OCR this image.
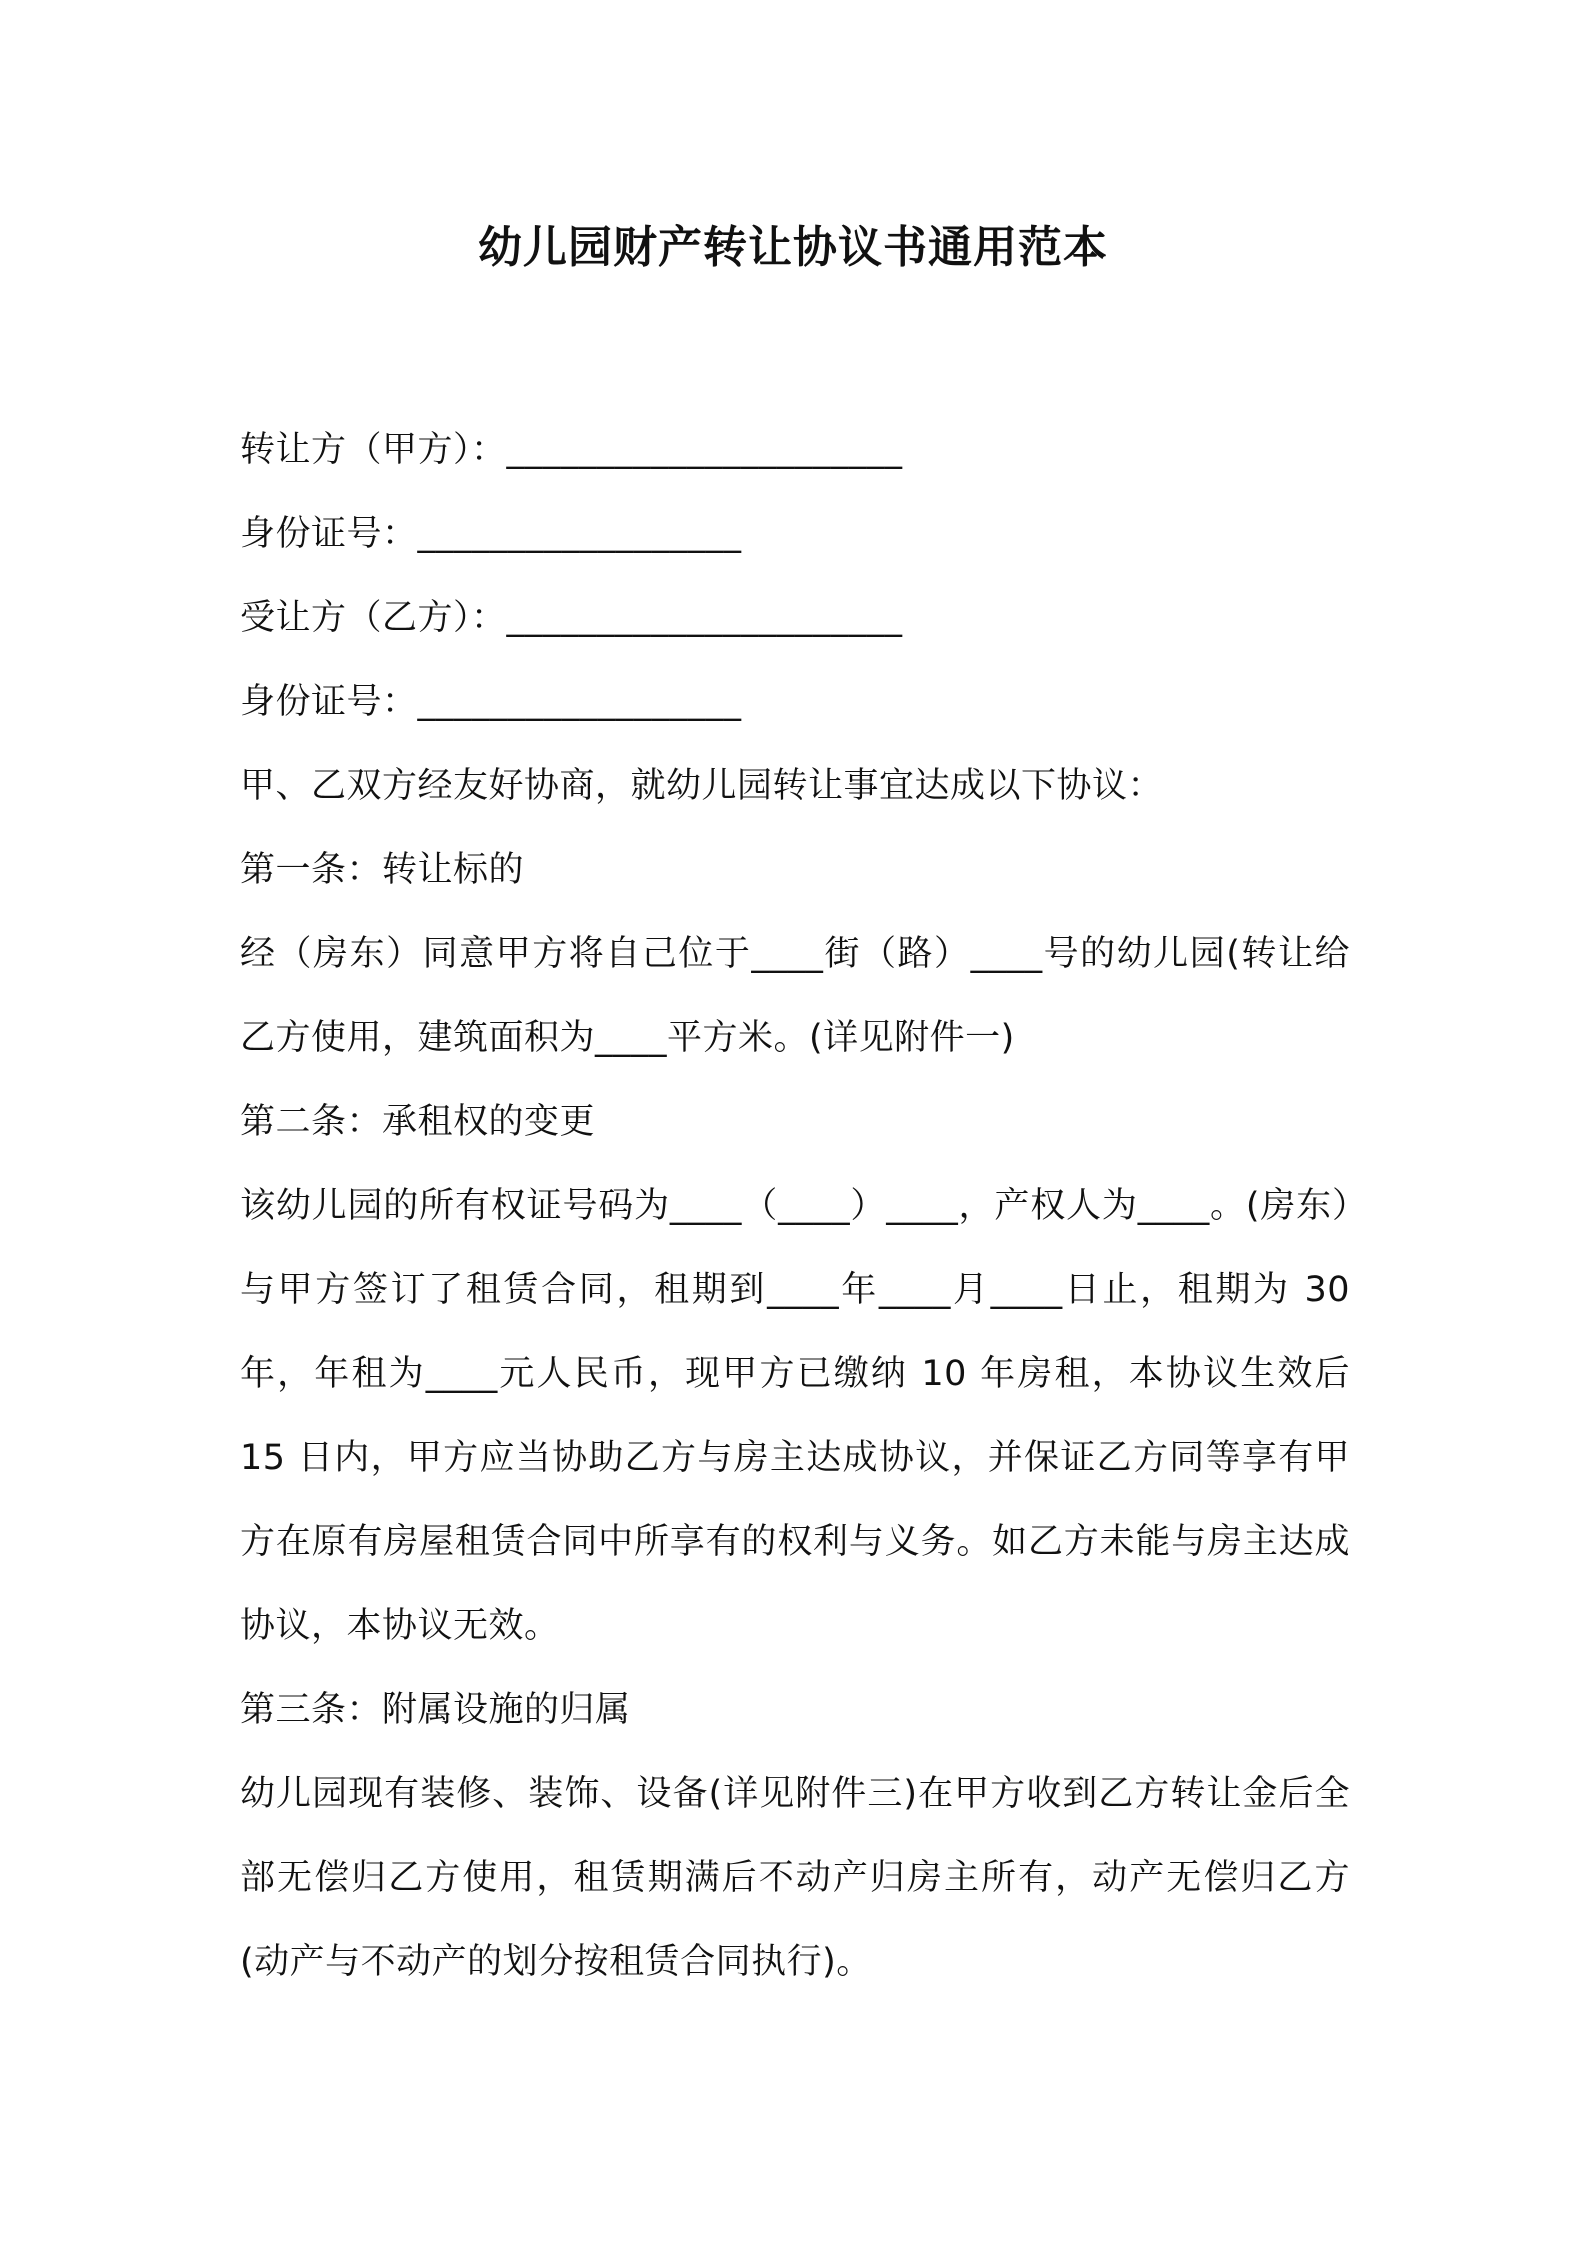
幼儿园财产转让协议书通用范本
转让方（甲方）：______________________
身份证号：__________________
受让方（乙方）：______________________
身份证号：__________________
甲、乙双方经友好协商，就幼儿园转让事宜达成以下协议：
第一条：转让标的
经（房东）同意甲方将自己位于____街（路）____号的幼儿园(转让给乙方使用，建筑面积为____平方米。(详见附件一)
第二条：承租权的变更
该幼儿园的所有权证号码为____（____）____，产权人为____。(房东）与甲方签订了租赁合同，租期到____年____月____日止，租期为 30 年，年租为____元人民币，现甲方已缴纳 10 年房租，本协议生效后 15 日内，甲方应当协助乙方与房主达成协议，并保证乙方同等享有甲方在原有房屋租赁合同中所享有的权利与义务。如乙方未能与房主达成协议，本协议无效。
第三条：附属设施的归属
幼儿园现有装修、装饰、设备(详见附件三)在甲方收到乙方转让金后全部无偿归乙方使用，租赁期满后不动产归房主所有，动产无偿归乙方(动产与不动产的划分按租赁合同执行)。
